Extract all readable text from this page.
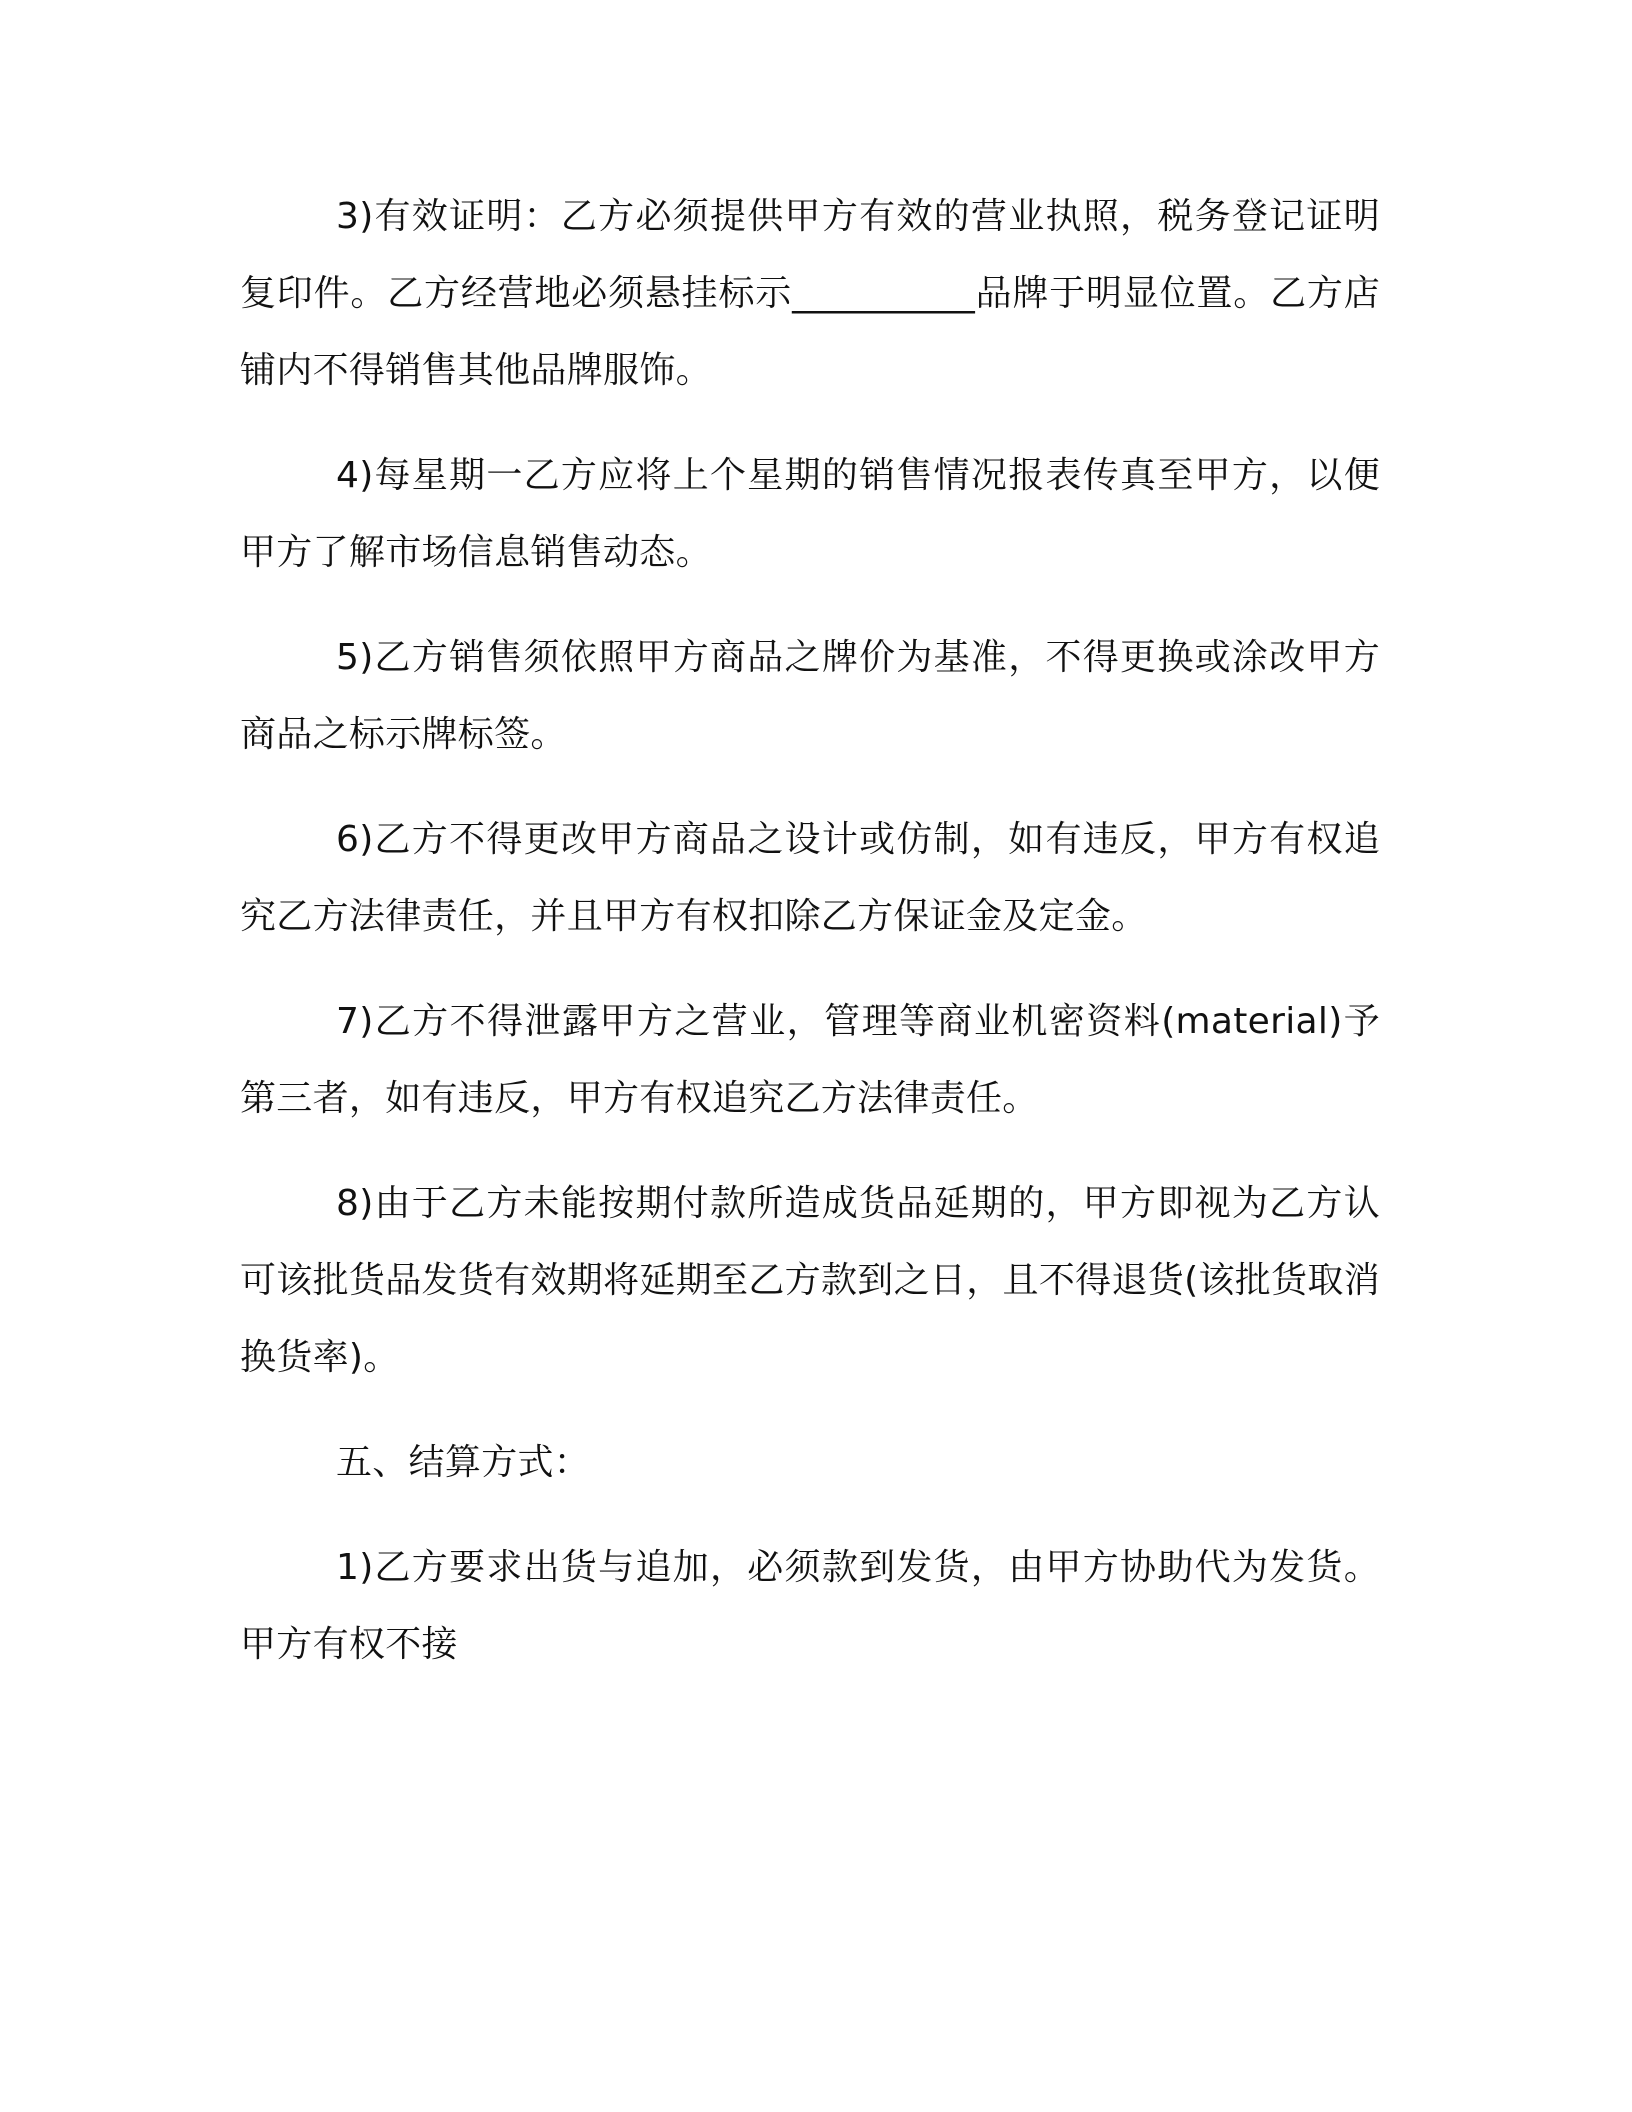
3)有效证明：乙方必须提供甲方有效的营业执照，税务登记证明复印件。乙方经营地必须悬挂标示__________品牌于明显位置。乙方店铺内不得销售其他品牌服饰。

4)每星期一乙方应将上个星期的销售情况报表传真至甲方，以便甲方了解市场信息销售动态。

5)乙方销售须依照甲方商品之牌价为基准，不得更换或涂改甲方商品之标示牌标签。

6)乙方不得更改甲方商品之设计或仿制，如有违反，甲方有权追究乙方法律责任，并且甲方有权扣除乙方保证金及定金。

7)乙方不得泄露甲方之营业，管理等商业机密资料(material)予第三者，如有违反，甲方有权追究乙方法律责任。

8)由于乙方未能按期付款所造成货品延期的，甲方即视为乙方认可该批货品发货有效期将延期至乙方款到之日，且不得退货(该批货取消换货率)。

五、结算方式：

1)乙方要求出货与追加，必须款到发货，由甲方协助代为发货。甲方有权不接
